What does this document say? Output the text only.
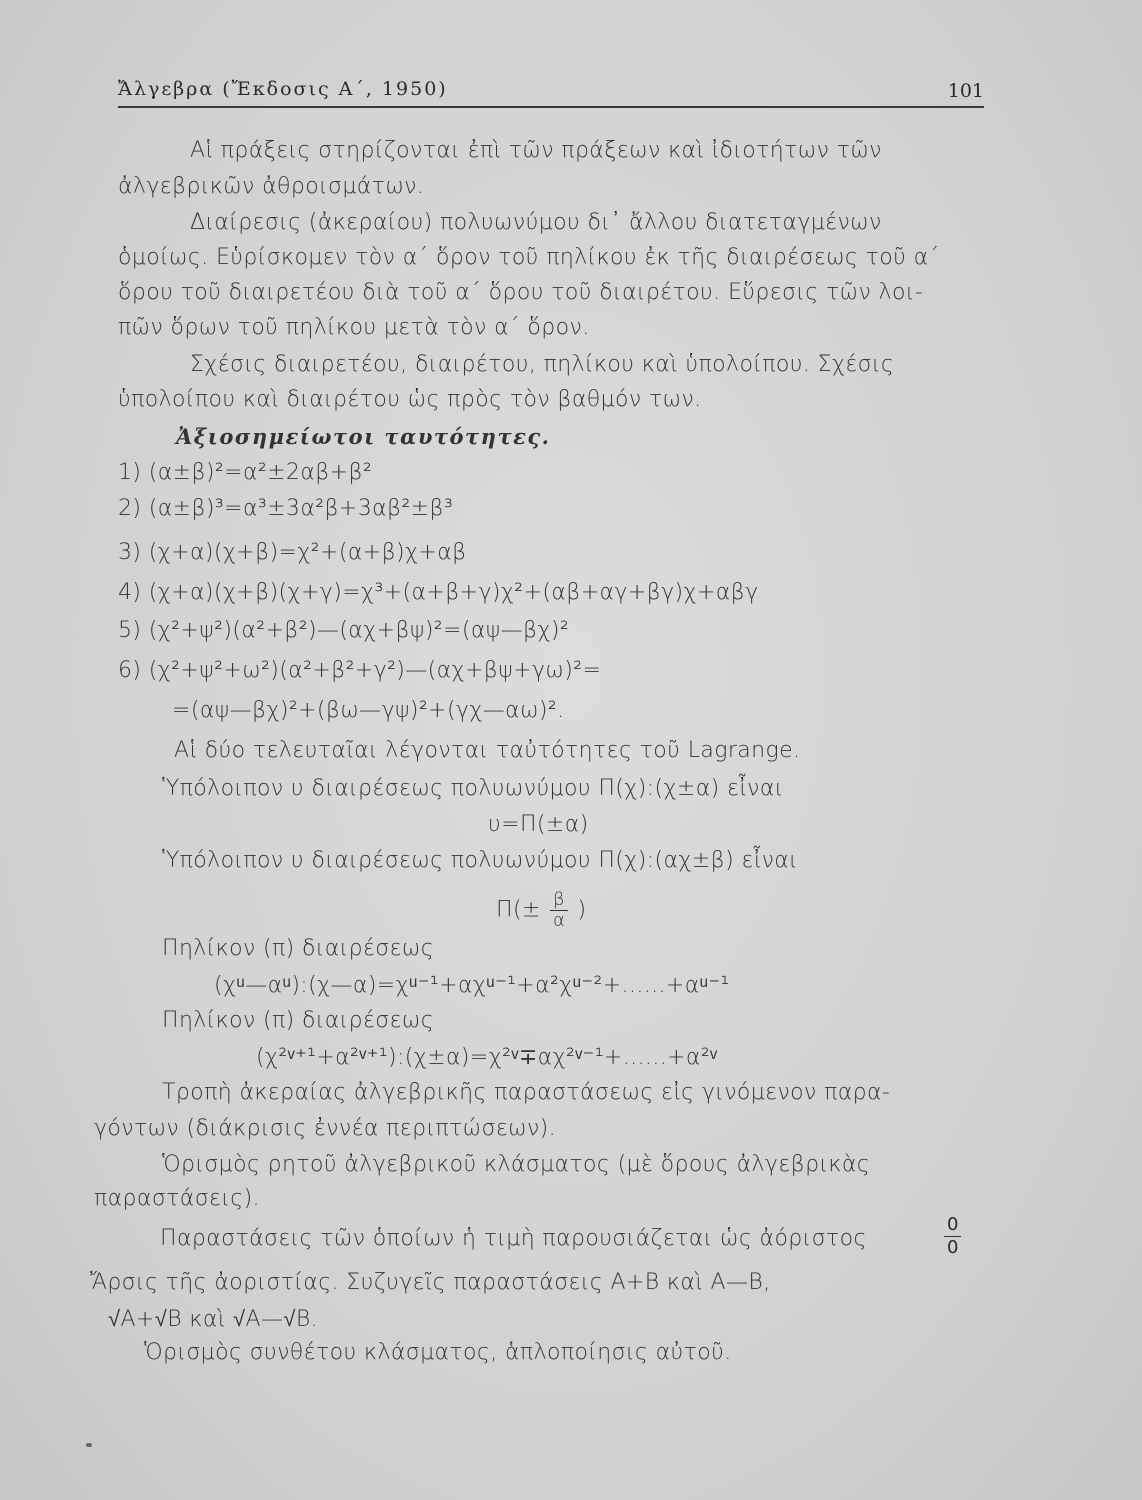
Ἄλγεβρα (Ἔκδοσις Α΄, 1950)	101
Αἱ πράξεις στηρίζονται ἐπὶ τῶν πράξεων καὶ ἰδιοτήτων τῶν
ἀλγεβρικῶν ἀθροισμάτων.
Διαίρεσις (ἀκεραίου) πολυωνύμου δι᾿ ἄλλου διατεταγμένων
ὁμοίως. Εὑρίσκομεν τὸν α΄ ὅρον τοῦ πηλίκου ἐκ τῆς διαιρέσεως τοῦ α΄
ὅρου τοῦ διαιρετέου διὰ τοῦ α΄ ὅρου τοῦ διαιρέτου. Εὕρεσις τῶν λοι-
πῶν ὅρων τοῦ πηλίκου μετὰ τὸν α΄ ὅρον.
Σχέσις διαιρετέου, διαιρέτου, πηλίκου καὶ ὑπολοίπου. Σχέσις
ὑπολοίπου καὶ διαιρέτου ὡς πρὸς τὸν βαθμόν των.
Ἀξιοσημείωτοι ταυτότητες.
1) (α±β)²=α²±2αβ+β²
2) (α±β)³=α³±3α²β+3αβ²±β³
3) (χ+α)(χ+β)=χ²+(α+β)χ+αβ
4) (χ+α)(χ+β)(χ+γ)=χ³+(α+β+γ)χ²+(αβ+αγ+βγ)χ+αβγ
5) (χ²+ψ²)(α²+β²)—(αχ+βψ)²=(αψ—βχ)²
6) (χ²+ψ²+ω²)(α²+β²+γ²)—(αχ+βψ+γω)²=
=(αψ—βχ)²+(βω—γψ)²+(γχ—αω)².
Αἱ δύο τελευταῖαι λέγονται ταὐτότητες τοῦ Lagrange.
Ὑπόλοιπον υ διαιρέσεως πολυωνύμου Π(χ):(χ±α) εἶναι
υ=Π(±α)
Ὑπόλοιπον υ διαιρέσεως πολυωνύμου Π(χ):(αχ±β) εἶναι
$\Pi(\pm \frac{\beta}{\alpha}$ )
Πηλίκον (π) διαιρέσεως
(χᵘ—αᵘ):(χ—α)=χᵘ⁻¹+αχᵘ⁻¹+α²χᵘ⁻²+......+αᵘ⁻¹
Πηλίκον (π) διαιρέσεως
(χ²ᵛ⁺¹+α²ᵛ⁺¹):(χ±α)=χ²ᵛ∓αχ²ᵛ⁻¹+......+α²ᵛ
Τροπὴ ἀκεραίας ἀλγεβρικῆς παραστάσεως εἰς γινόμενον παρα-
γόντων (διάκρισις ἐννέα περιπτώσεων).
Ὁρισμὸς ρητοῦ ἀλγεβρικοῦ κλάσματος (μὲ ὅρους ἀλγεβρικὰς
παραστάσεις).
Παραστάσεις τῶν ὁποίων ἡ τιμὴ παρουσιάζεται ὡς ἀόριστος	$\frac{0}{0}$
Ἄρσις τῆς ἀοριστίας. Συζυγεῖς παραστάσεις Α+Β καὶ Α—Β,
√Α+√Β καὶ √Α—√Β.
Ὁρισμὸς συνθέτου κλάσματος, ἁπλοποίησις αὐτοῦ.
